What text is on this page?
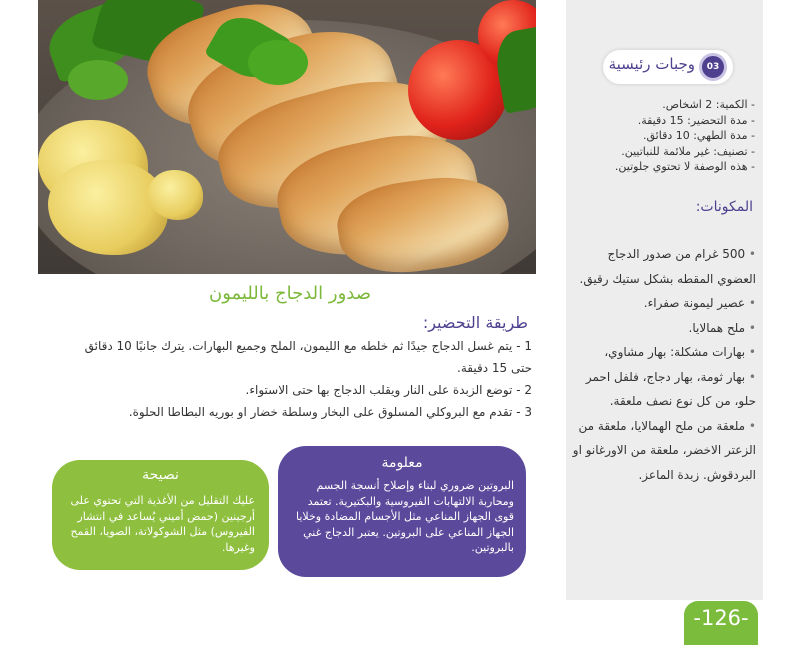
وجبات رئيسية	03
- الكمية: 2 اشخاص.
- مدة التحضير: 15 دقيقة.
- مدة الطهي: 10 دقائق.
- تصنيف: غير ملائمة للنباتيين.
- هذه الوصفة لا تحتوي جلوتين.
المكونات:
• 500 غرام من صدور الدجاج العضوي المقطه بشكل ستيك رقيق.
• عصير ليمونة صفراء.
• ملح همالايا.
• بهارات مشكلة: بهار مشاوي،
• بهار ثومة، بهار دجاج، فلفل احمر حلو، من كل نوع نصف ملعقة.
• ملعقة من ملح الهمالايا، ملعقة من الزعتر الاخضر، ملعقة من الاورغانو او البردقوش. زبدة الماعز.
-126-
صدور الدجاج بالليمون
طريقة التحضير:
1 - يتم غسل الدجاج جيدًا ثم خلطه مع الليمون، الملح وجميع البهارات. يترك جانبًا 10 دقائق حتى 15 دقيقة.
2 - توضع الزبدة على النار ويقلب الدجاج بها حتى الاستواء.
3 - تقدم مع البروكلي المسلوق على البخار وسلطة خضار او بوريه البطاطا الحلوة.
نصيحة
عليك التقليل من الأغذية التي تحتوي على أرجينين (حمض أميني يُساعد في انتشار الفيروس) مثل الشوكولاتة، الصويا، القمح وغيرها.
معلومة
البروتين ضروري لبناء وإصلاح أنسجة الجسم ومحاربة الالتهابات الفيروسية والبكتيرية. تعتمد قوى الجهاز المناعي مثل الأجسام المضادة وخلايا الجهاز المناعي على البروتين. يعتبر الدجاج غني بالبروتين.
